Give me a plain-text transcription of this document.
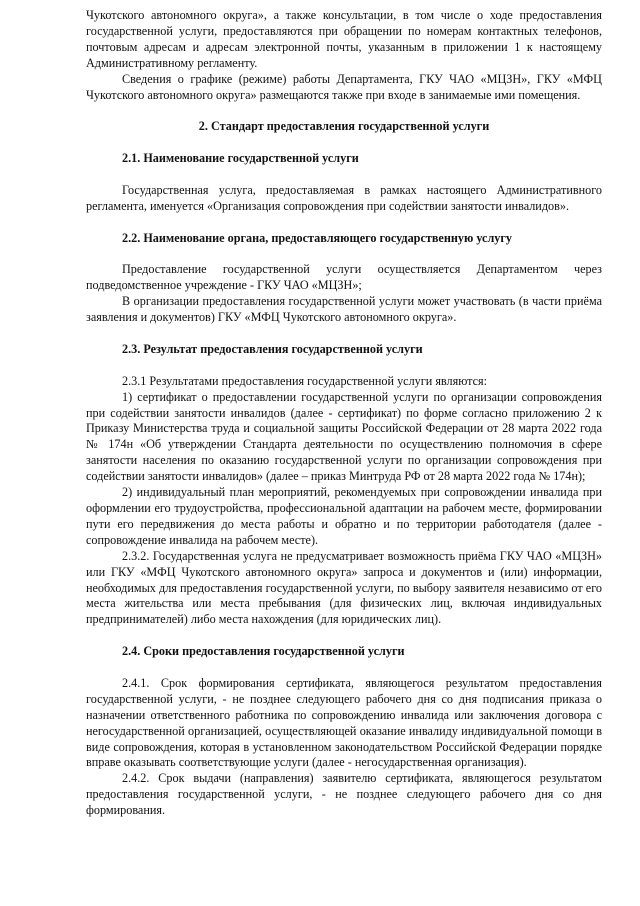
Чукотского автономного округа», а также консультации, в том числе о ходе предоставления государственной услуги, предоставляются при обращении по номерам контактных телефонов, почтовым адресам и адресам электронной почты, указанным в приложении 1 к настоящему Административному регламенту.

Сведения о графике (режиме) работы Департамента, ГКУ ЧАО «МЦЗН», ГКУ «МФЦ Чукотского автономного округа» размещаются также при входе в занимаемые ими помещения.

2. Стандарт предоставления государственной услуги
2.1. Наименование государственной услуги

Государственная услуга, предоставляемая в рамках настоящего Административного регламента, именуется «Организация сопровождения при содействии занятости инвалидов».

2.2. Наименование органа, предоставляющего государственную услугу

Предоставление государственной услуги осуществляется Департаментом через подведомственное учреждение - ГКУ ЧАО «МЦЗН»;

В организации предоставления государственной услуги может участвовать (в части приёма заявления и документов) ГКУ «МФЦ Чукотского автономного округа».

2.3. Результат предоставления государственной услуги

2.3.1 Результатами предоставления государственной услуги являются:

1) сертификат о предоставлении государственной услуги по организации сопровождения при содействии занятости инвалидов (далее - сертификат) по форме согласно приложению 2 к Приказу Министерства труда и социальной защиты Российской Федерации от 28 марта 2022 года № 174н «Об утверждении Стандарта деятельности по осуществлению полномочия в сфере занятости населения по оказанию государственной услуги по организации сопровождения при содействии занятости инвалидов» (далее – приказ Минтруда РФ от 28 марта 2022 года № 174н);

2) индивидуальный план мероприятий, рекомендуемых при сопровождении инвалида при оформлении его трудоустройства, профессиональной адаптации на рабочем месте, формировании пути его передвижения до места работы и обратно и по территории работодателя (далее - сопровождение инвалида на рабочем месте).

2.3.2. Государственная услуга не предусматривает возможность приёма ГКУ ЧАО «МЦЗН» или ГКУ «МФЦ Чукотского автономного округа» запроса и документов и (или) информации, необходимых для предоставления государственной услуги, по выбору заявителя независимо от его места жительства или места пребывания (для физических лиц, включая индивидуальных предпринимателей) либо места нахождения (для юридических лиц).

2.4. Сроки предоставления государственной услуги

2.4.1. Срок формирования сертификата, являющегося результатом предоставления государственной услуги, - не позднее следующего рабочего дня со дня подписания приказа о назначении ответственного работника по сопровождению инвалида или заключения договора с негосударственной организацией, осуществляющей оказание инвалиду индивидуальной помощи в виде сопровождения, которая в установленном законодательством Российской Федерации порядке вправе оказывать соответствующие услуги (далее - негосударственная организация).

2.4.2. Срок выдачи (направления) заявителю сертификата, являющегося результатом предоставления государственной услуги, - не позднее следующего рабочего дня со дня формирования.
